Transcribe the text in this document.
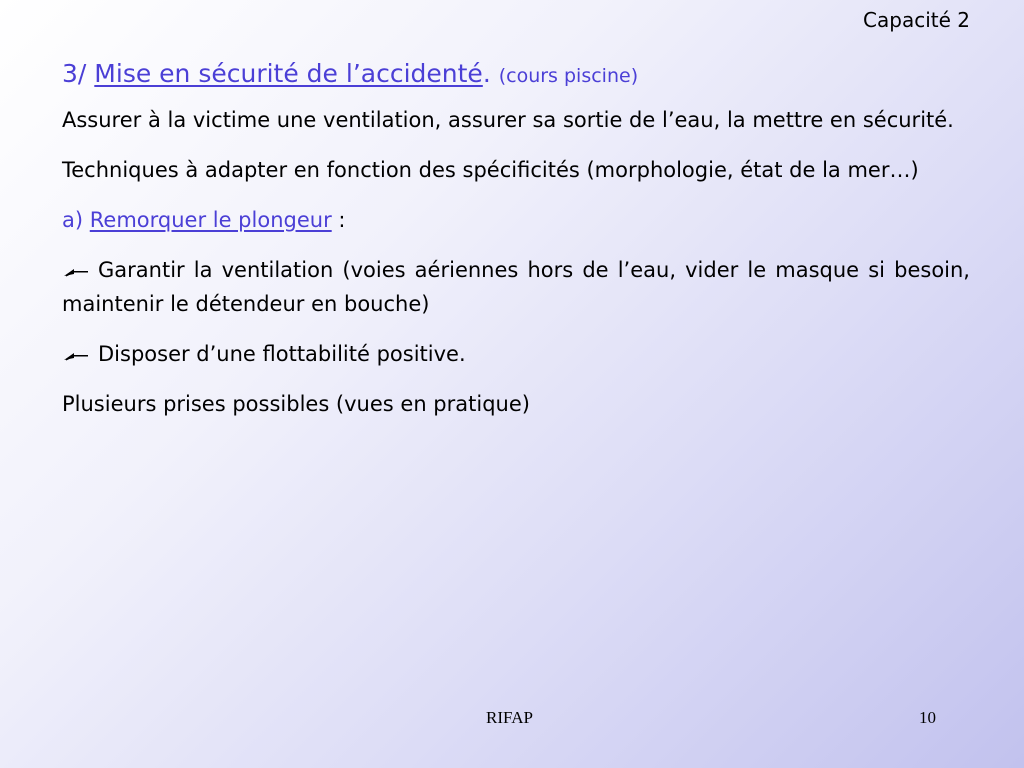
Capacité 2
3/ Mise en sécurité de l’accidenté. (cours piscine)

Assurer à la victime une ventilation, assurer sa sortie de l’eau, la mettre en sécurité.

Techniques à adapter en fonction des spécificités (morphologie, état de la mer…)

a) Remorquer le plongeur :

Garantir la ventilation (voies aériennes hors de l’eau, vider le masque si besoin, maintenir le détendeur en bouche)

Disposer d’une flottabilité positive.

Plusieurs prises possibles (vues en pratique)

RIFAP	10
